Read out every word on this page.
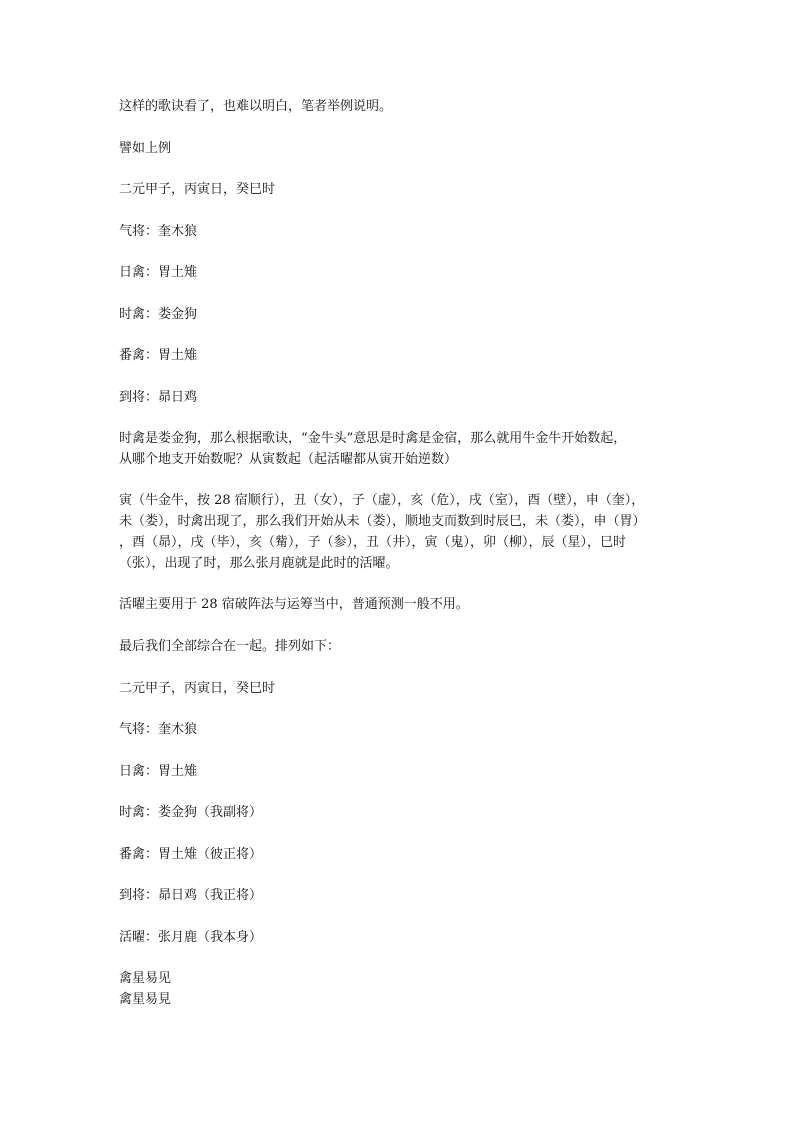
这样的歌诀看了，也难以明白，笔者举例说明。

譬如上例

二元甲子，丙寅日，癸巳时

气将：奎木狼

日禽：胃土雉

时禽：娄金狗

番禽：胃土雉

到将：昴日鸡

时禽是娄金狗，那么根据歌诀，“金牛头”意思是时禽是金宿，那么就用牛金牛开始数起，
从哪个地支开始数呢？从寅数起（起活曜都从寅开始逆数）
寅（牛金牛，按 28 宿顺行），丑（女），子（虚），亥（危），戌（室），酉（壁），申（奎），
未（娄），时禽出现了，那么我们开始从未（娄），顺地支而数到时辰巳，未（娄），申（胃）
，酉（昴），戌（毕），亥（觜），子（参），丑（井），寅（鬼），卯（柳），辰（星），巳时
（张），出现了时，那么张月鹿就是此时的活曜。

活曜主要用于 28 宿破阵法与运筹当中，普通预测一般不用。

最后我们全部综合在一起。排列如下：

二元甲子，丙寅日，癸巳时

气将：奎木狼

日禽：胃土雉

时禽：娄金狗（我副将）

番禽：胃土雉（彼正将）

到将：昴日鸡（我正将）

活曜：张月鹿（我本身）

禽星易见
禽星易見
